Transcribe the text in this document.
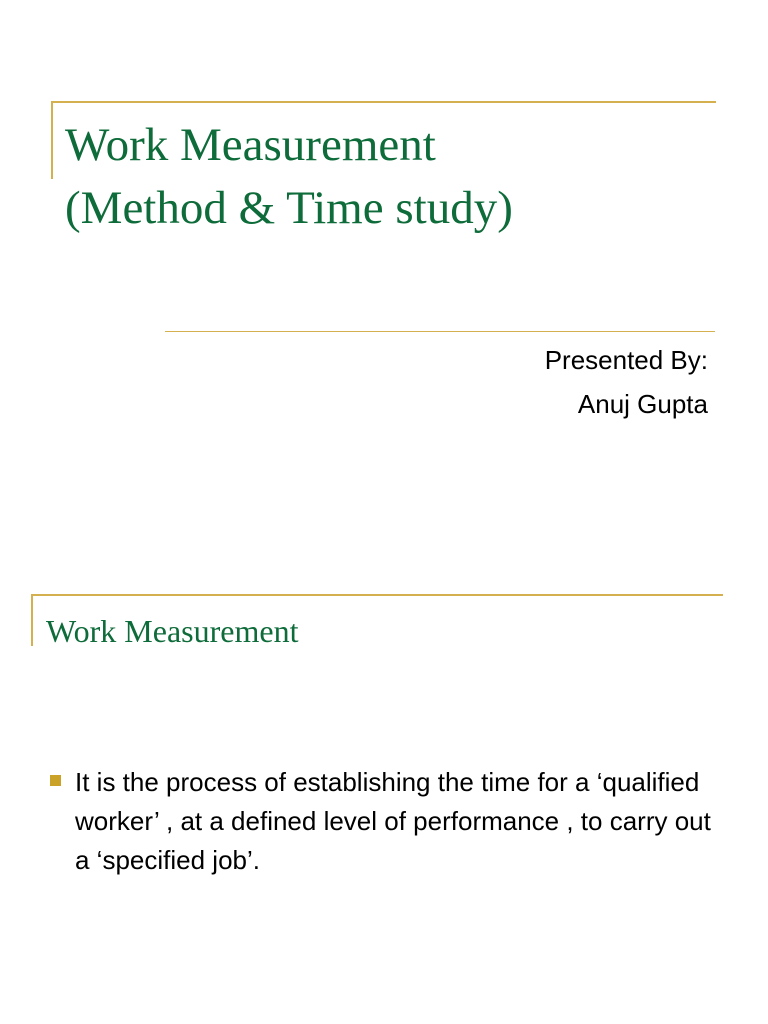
Work Measurement
(Method & Time study)

Presented By:
Anuj Gupta

Work Measurement
It is the process of establishing the time for a ‘qualified worker’ , at a defined level of performance , to carry out a ‘specified job’.
